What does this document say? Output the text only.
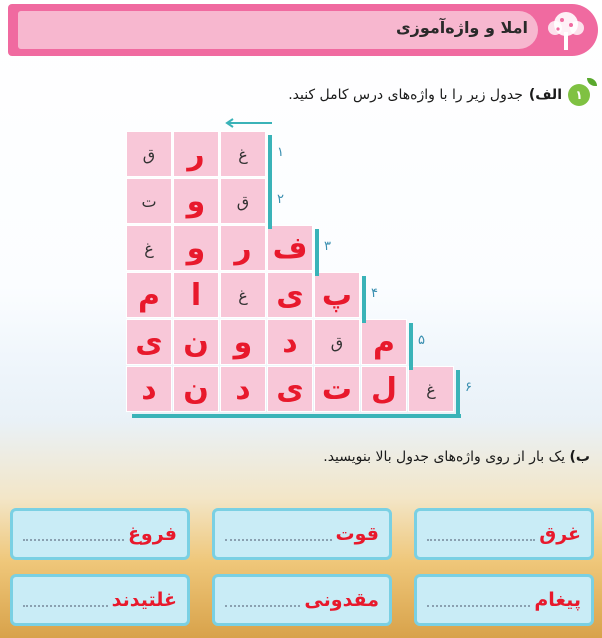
املا و واژه‌آموزی
۱
الف)
جدول زیر را با واژه‌های درس کامل کنید.
غ
ر
ق	۱
ق
و
ت	۲
ف
ر
و
غ	۳
پ
ی
غ
ا
م	۴
م
ق
د
و
ن
ی	۵
غ
ل
ت
ی
د
ن
د	۶
ب) یک بار از روی واژه‌های جدول بالا بنویسید.
غرق
قوت
فروغ
پیغام
مقدونی
غلتیدند
